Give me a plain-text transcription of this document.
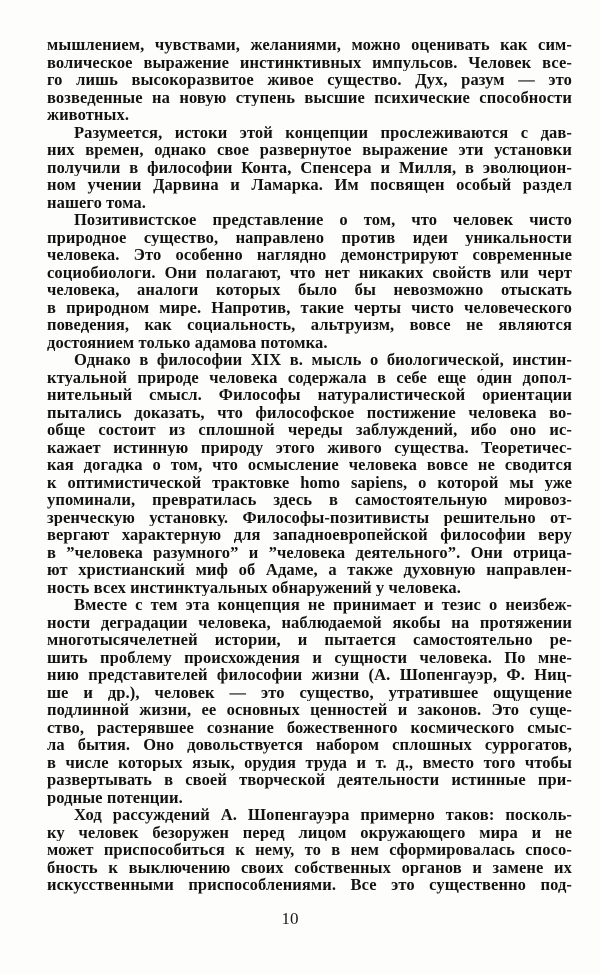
мышлением, чувствами, желаниями, можно оценивать как сим-
волическое выражение инстинктивных импульсов. Человек все-
го лишь высокоразвитое живое существо. Дух, разум — это
возведенные на новую ступень высшие психические способности
животных.
Разумеется, истоки этой концепции прослеживаются с дав-
них времен, однако свое развернутое выражение эти установки
получили в философии Конта, Спенсера и Милля, в эволюцион-
ном учении Дарвина и Ламарка. Им посвящен особый раздел
нашего тома.
Позитивистское представление о том, что человек чисто
природное существо, направлено против идеи уникальности
человека. Это особенно наглядно демонстрируют современные
социобиологи. Они полагают, что нет никаких свойств или черт
человека, аналоги которых было бы невозможно отыскать
в природном мире. Напротив, такие черты чисто человеческого
поведения, как социальность, альтруизм, вовсе не являются
достоянием только адамова потомка.
Однако в философии XIX в. мысль о биологической, инстин-
ктуальной природе человека содержала в себе еще о́дин допол-
нительный смысл. Философы натуралистической ориентации
пытались доказать, что философское постижение человека во-
обще состоит из сплошной череды заблуждений, ибо оно ис-
кажает истинную природу этого живого существа. Теоретичес-
кая догадка о том, что осмысление человека вовсе не сводится
к оптимистической трактовке homo sapiens, о которой мы уже
упоминали, превратилась здесь в самостоятельную мировоз-
зренческую установку. Философы-позитивисты решительно от-
вергают характерную для западноевропейской философии веру
в ”человека разумного” и ”человека деятельного”. Они отрица-
ют христианский миф об Адаме, а также духовную направлен-
ность всех инстинктуальных обнаружений у человека.
Вместе с тем эта концепция не принимает и тезис о неизбеж-
ности деградации человека, наблюдаемой якобы на протяжении
многотысячелетней истории, и пытается самостоятельно ре-
шить проблему происхождения и сущности человека. По мне-
нию представителей философии жизни (А. Шопенгауэр, Ф. Ниц-
ше и др.), человек — это существо, утратившее ощущение
подлинной жизни, ее основных ценностей и законов. Это суще-
ство, растерявшее сознание божественного космического смыс-
ла бытия. Оно довольствуется набором сплошных суррогатов,
в числе которых язык, орудия труда и т. д., вместо того чтобы
развертывать в своей творческой деятельности истинные при-
родные потенции.
Ход рассуждений А. Шопенгауэра примерно таков: посколь-
ку человек безоружен перед лицом окружающего мира и не
может приспособиться к нему, то в нем сформировалась спосо-
бность к выключению своих собственных органов и замене их
искусственными приспособлениями. Все это существенно под-
10
